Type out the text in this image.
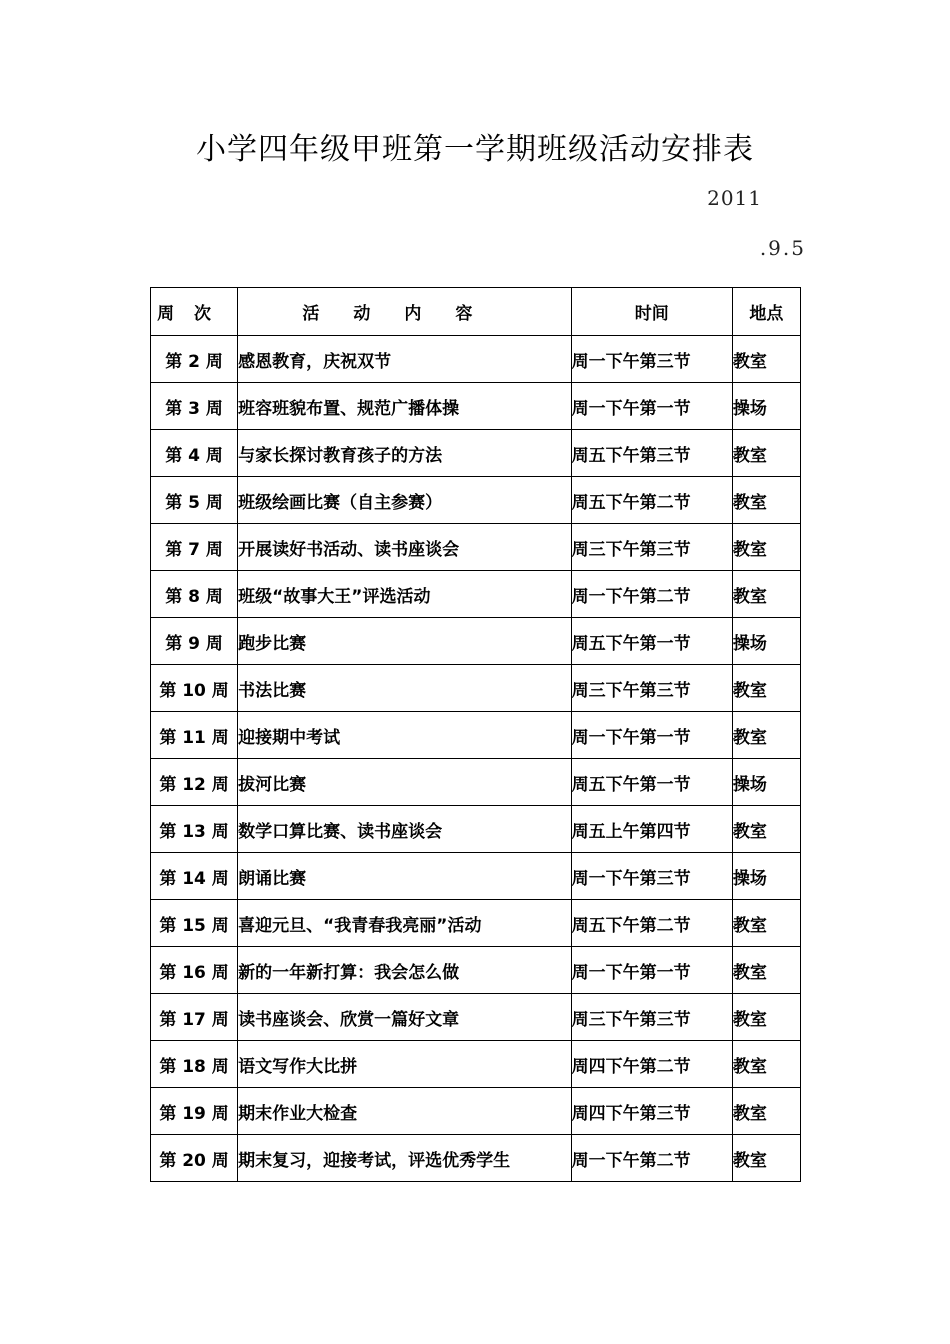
小学四年级甲班第一学期班级活动安排表
2011
.9.5
周次	活动内容	时间	地点
第 2 周	感恩教育，庆祝双节	周一下午第三节	教室
第 3 周	班容班貌布置、规范广播体操	周一下午第一节	操场
第 4 周	与家长探讨教育孩子的方法	周五下午第三节	教室
第 5 周	班级绘画比赛（自主参赛）	周五下午第二节	教室
第 7 周	开展读好书活动、读书座谈会	周三下午第三节	教室
第 8 周	班级“故事大王”评选活动	周一下午第二节	教室
第 9 周	跑步比赛	周五下午第一节	操场
第 10 周	书法比赛	周三下午第三节	教室
第 11 周	迎接期中考试	周一下午第一节	教室
第 12 周	拔河比赛	周五下午第一节	操场
第 13 周	数学口算比赛、读书座谈会	周五上午第四节	教室
第 14 周	朗诵比赛	周一下午第三节	操场
第 15 周	喜迎元旦、“我青春我亮丽”活动	周五下午第二节	教室
第 16 周	新的一年新打算：我会怎么做	周一下午第一节	教室
第 17 周	读书座谈会、欣赏一篇好文章	周三下午第三节	教室
第 18 周	语文写作大比拼	周四下午第二节	教室
第 19 周	期末作业大检查	周四下午第三节	教室
第 20 周	期末复习，迎接考试，评选优秀学生	周一下午第二节	教室
